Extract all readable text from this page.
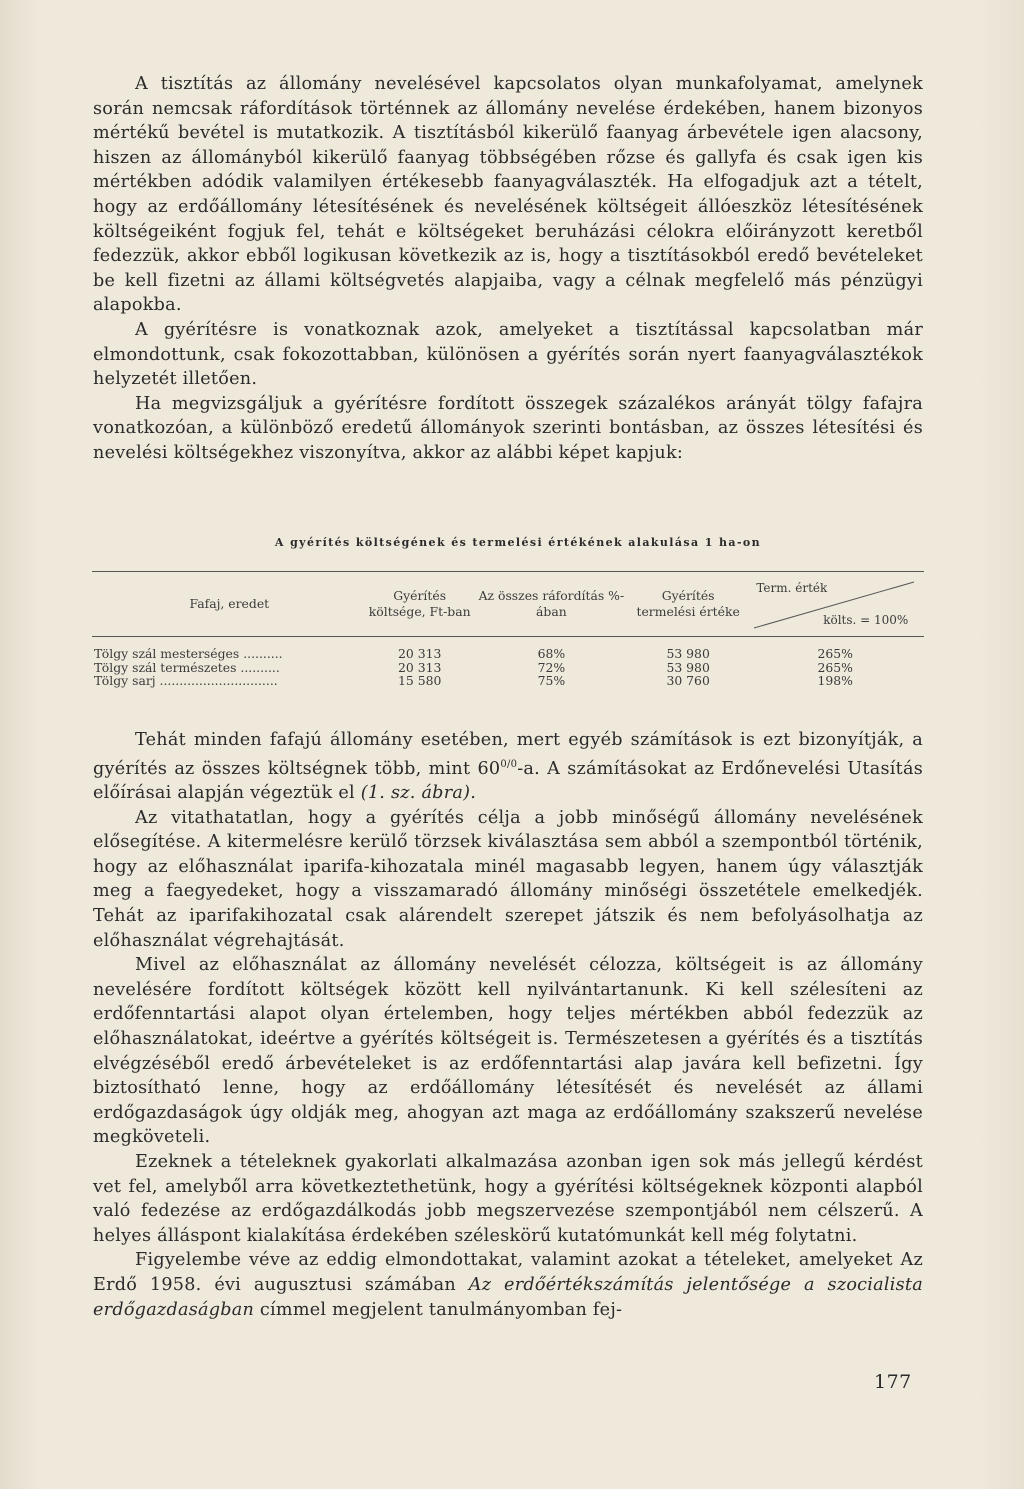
A tisztítás az állomány nevelésével kapcsolatos olyan munkafolyamat, amelynek során nemcsak ráfordítások történnek az állomány nevelése érdekében, hanem bizonyos mértékű bevétel is mutatkozik. A tisztításból kikerülő faanyag árbevétele igen alacsony, hiszen az állományból kikerülő faanyag többségében rőzse és gallyfa és csak igen kis mértékben adódik valamilyen értékesebb faanyagválaszték. Ha elfogadjuk azt a tételt, hogy az erdőállomány létesítésének és nevelésének költségeit állóeszköz létesítésének költségeiként fogjuk fel, tehát e költségeket beruházási célokra előirányzott keretből fedezzük, akkor ebből logikusan következik az is, hogy a tisztításokból eredő bevételeket be kell fizetni az állami költségvetés alapjaiba, vagy a célnak megfelelő más pénzügyi alapokba.

A gyérítésre is vonatkoznak azok, amelyeket a tisztítással kapcsolatban már elmondottunk, csak fokozottabban, különösen a gyérítés során nyert faanyagválasztékok helyzetét illetően.

Ha megvizsgáljuk a gyérítésre fordított összegek százalékos arányát tölgy fafajra vonatkozóan, a különböző eredetű állományok szerinti bontásban, az összes létesítési és nevelési költségekhez viszonyítva, akkor az alábbi képet kapjuk:

A gyérítés költségének és termelési értékének alakulása 1 ha-on
Fafaj, eredet	Gyérítés költsége, Ft-ban	Az összes ráfordítás %-ában	Gyérítés termelési értéke	Term. érték
költs. = 100%

Tölgy szál mesterséges ..........	20 313	68%	53 980	265%
Tölgy szál természetes ..........	20 313	72%	53 980	265%
Tölgy sarj ..............................	15 580	75%	30 760	198%

Tehát minden fafajú állomány esetében, mert egyéb számítások is ezt bizonyítják, a gyérítés az összes költségnek több, mint $60^{0/0}-a$. A számításokat az Erdőnevelési Utasítás előírásai alapján végeztük el (1. sz. ábra).

Az vitathatatlan, hogy a gyérítés célja a jobb minőségű állomány nevelésének elősegítése. A kitermelésre kerülő törzsek kiválasztása sem abból a szempontból történik, hogy az előhasználat iparifa-kihozatala minél magasabb legyen, hanem úgy választják meg a faegyedeket, hogy a visszamaradó állomány minőségi összetétele emelkedjék. Tehát az iparifakihozatal csak alárendelt szerepet játszik és nem befolyásolhatja az előhasználat végrehajtását.

Mivel az előhasználat az állomány nevelését célozza, költségeit is az állomány nevelésére fordított költségek között kell nyilvántartanunk. Ki kell szélesíteni az erdőfenntartási alapot olyan értelemben, hogy teljes mértékben abból fedezzük az előhasználatokat, ideértve a gyérítés költségeit is. Természetesen a gyérítés és a tisztítás elvégzéséből eredő árbevételeket is az erdőfenntartási alap javára kell befizetni. Így biztosítható lenne, hogy az erdőállomány létesítését és nevelését az állami erdőgazdaságok úgy oldják meg, ahogyan azt maga az erdőállomány szakszerű nevelése megköveteli.

Ezeknek a tételeknek gyakorlati alkalmazása azonban igen sok más jellegű kérdést vet fel, amelyből arra következtethetünk, hogy a gyérítési költségeknek központi alapból való fedezése az erdőgazdálkodás jobb megszervezése szempontjából nem célszerű. A helyes álláspont kialakítása érdekében széleskörű kutatómunkát kell még folytatni.

Figyelembe véve az eddig elmondottakat, valamint azokat a tételeket, amelyeket Az Erdő 1958. évi augusztusi számában Az erdőértékszámítás jelentősége a szocialista erdőgazdaságban címmel megjelent tanulmányomban fej-

177
